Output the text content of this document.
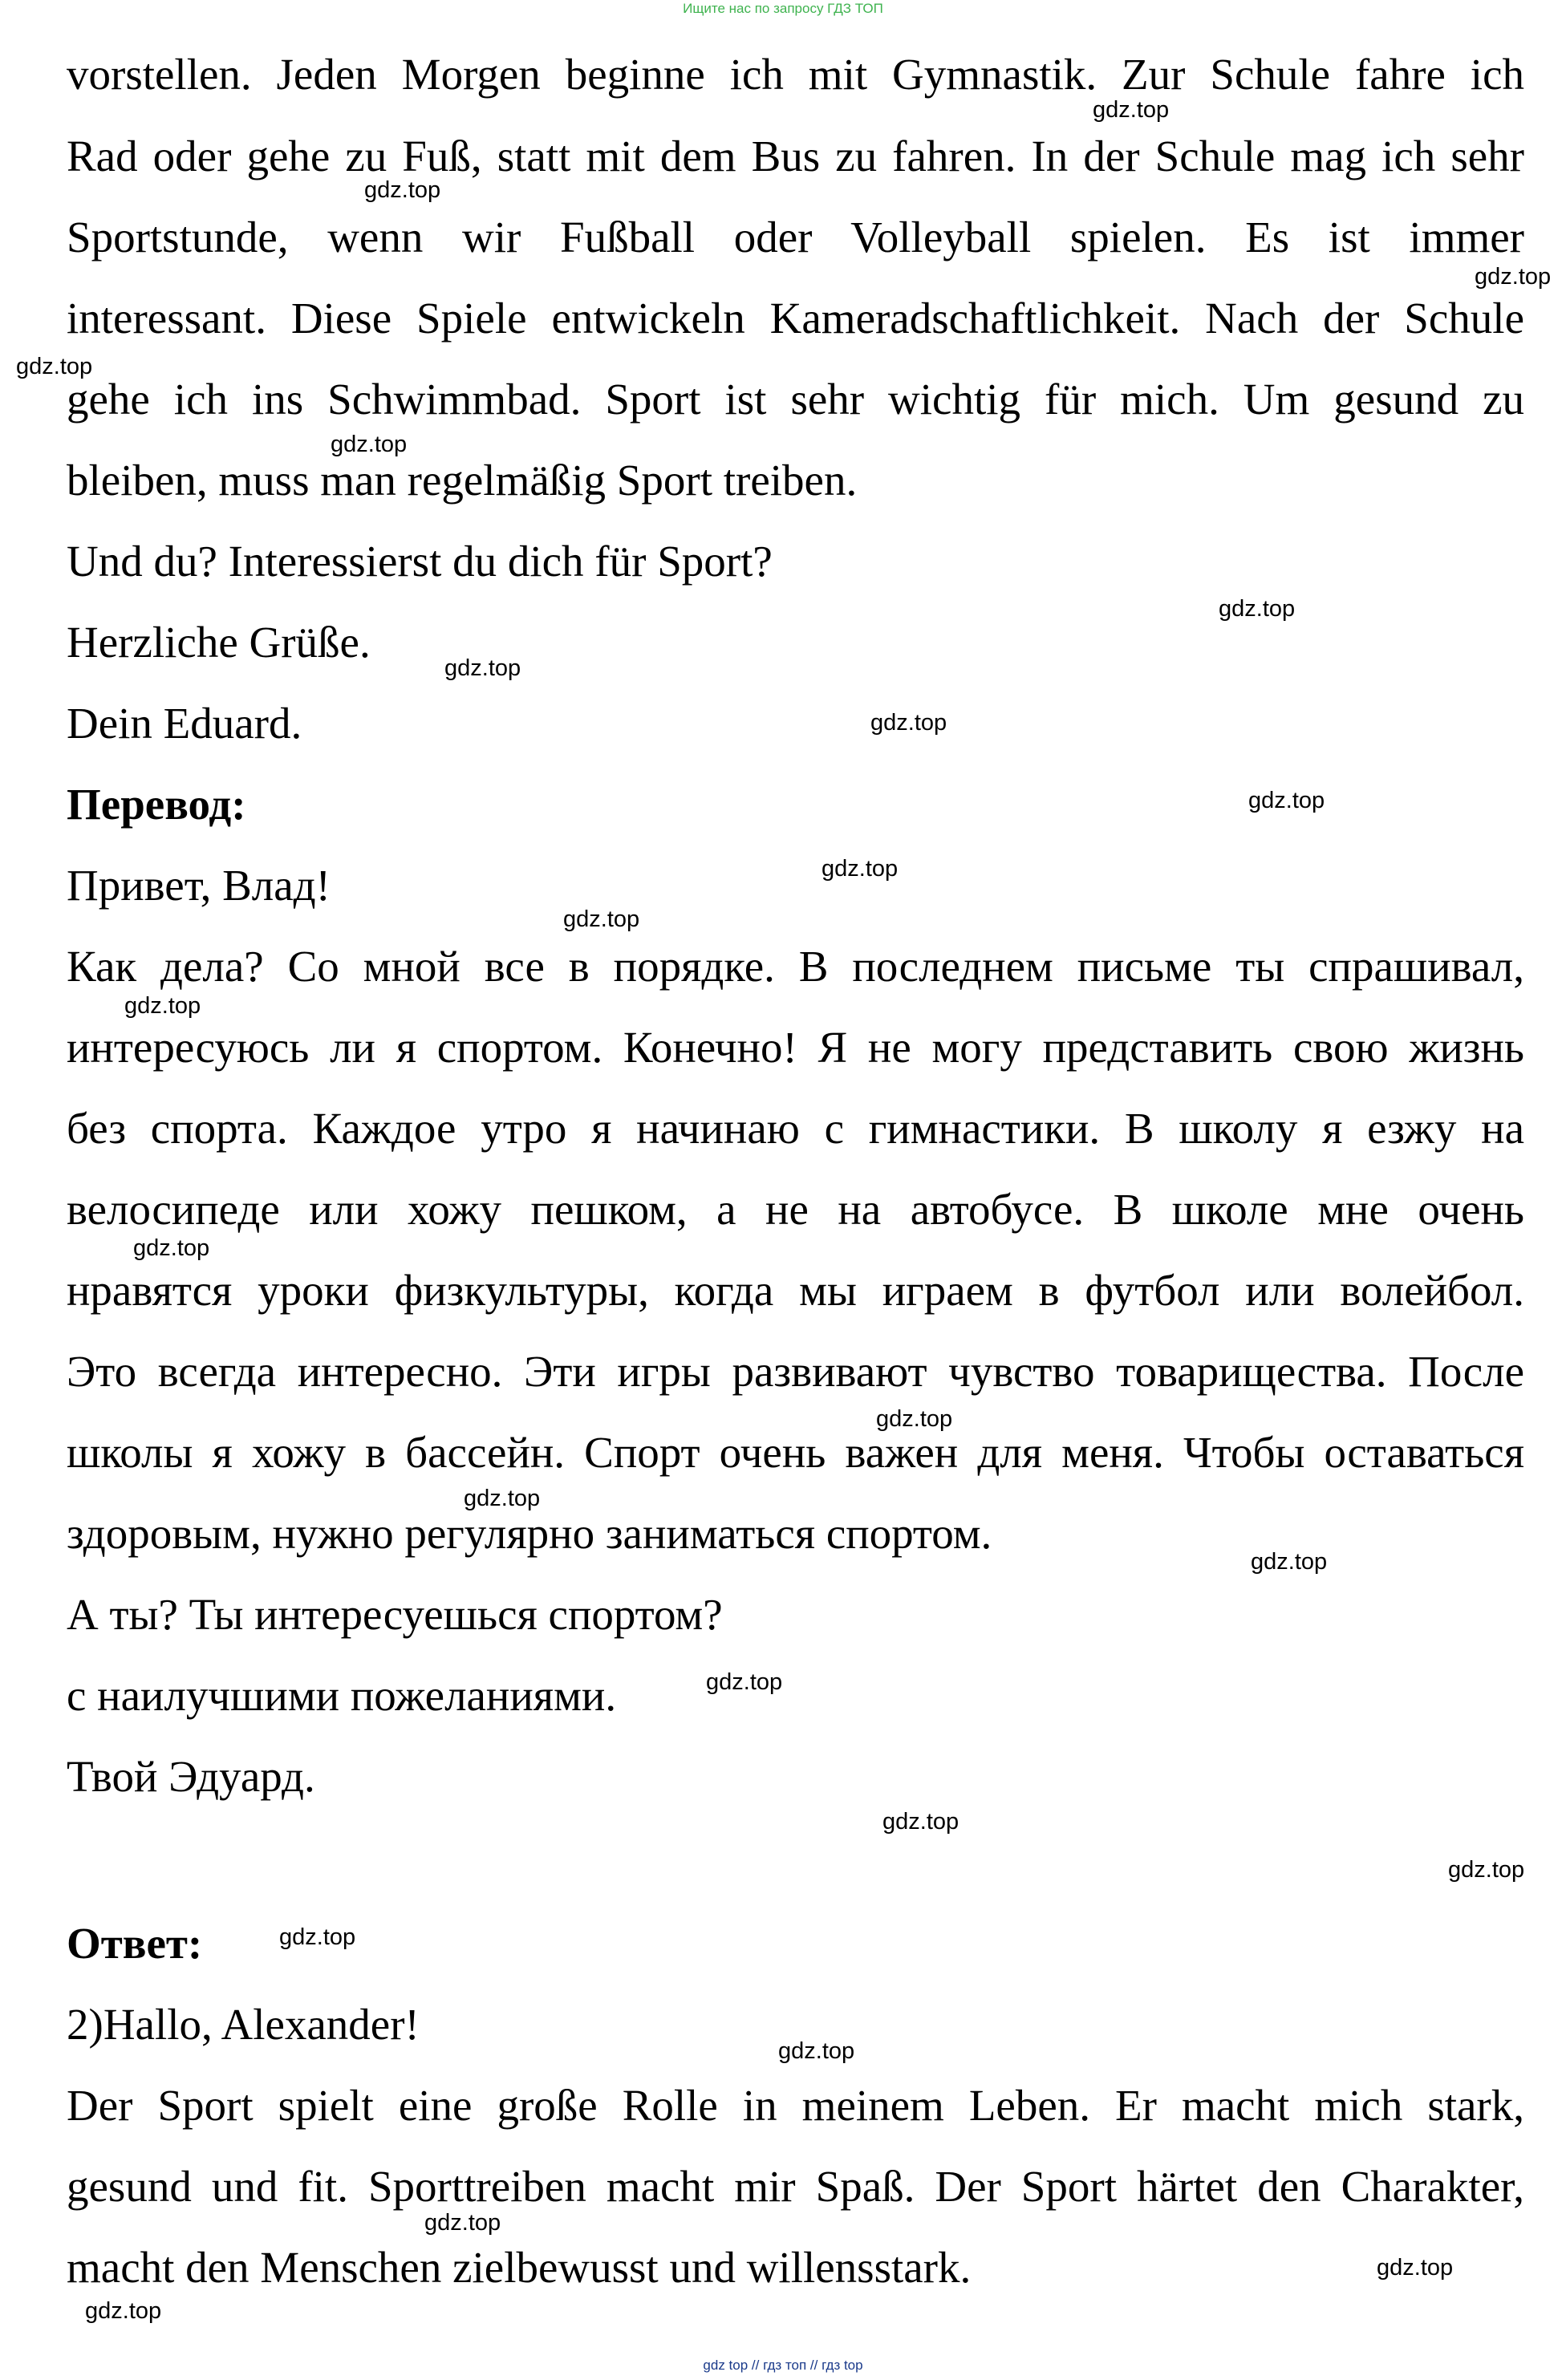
Ищите нас по запросу ГДЗ ТОП
vorstellen. Jeden Morgen beginne ich mit Gymnastik. Zur Schule fahre ich
Rad oder gehe zu Fuß, statt mit dem Bus zu fahren. In der Schule mag ich sehr
Sportstunde, wenn wir Fußball oder Volleyball spielen. Es ist immer
interessant. Diese Spiele entwickeln Kameradschaftlichkeit. Nach der Schule
gehe ich ins Schwimmbad. Sport ist sehr wichtig für mich. Um gesund zu
bleiben, muss man regelmäßig Sport treiben.
Und du? Interessierst du dich für Sport?
Herzliche Grüße.
Dein Eduard.
Перевод:
Привет, Влад!
Как дела? Со мной все в порядке. В последнем письме ты спрашивал,
интересуюсь ли я спортом. Конечно! Я не могу представить свою жизнь
без спорта. Каждое утро я начинаю с гимнастики. В школу я езжу на
велосипеде или хожу пешком, а не на автобусе. В школе мне очень
нравятся уроки физкультуры, когда мы играем в футбол или волейбол.
Это всегда интересно. Эти игры развивают чувство товарищества. После
школы я хожу в бассейн. Спорт очень важен для меня. Чтобы оставаться
здоровым, нужно регулярно заниматься спортом.
А ты? Ты интересуешься спортом?
с наилучшими пожеланиями.
Твой Эдуард.
Ответ:
2)Hallo, Alexander!
Der Sport spielt eine große Rolle in meinem Leben. Er macht mich stark,
gesund und fit. Sporttreiben macht mir Spaß. Der Sport härtet den Charakter,
macht den Menschen zielbewusst und willensstark.
gdz.top
gdz.top
gdz.top
gdz.top
gdz.top
gdz.top
gdz.top
gdz.top
gdz.top
gdz.top
gdz.top
gdz.top
gdz.top
gdz.top
gdz.top
gdz.top
gdz.top
gdz.top
gdz.top
gdz.top
gdz.top
gdz.top
gdz.top
gdz.top
gdz top // гдз топ // гдз top
